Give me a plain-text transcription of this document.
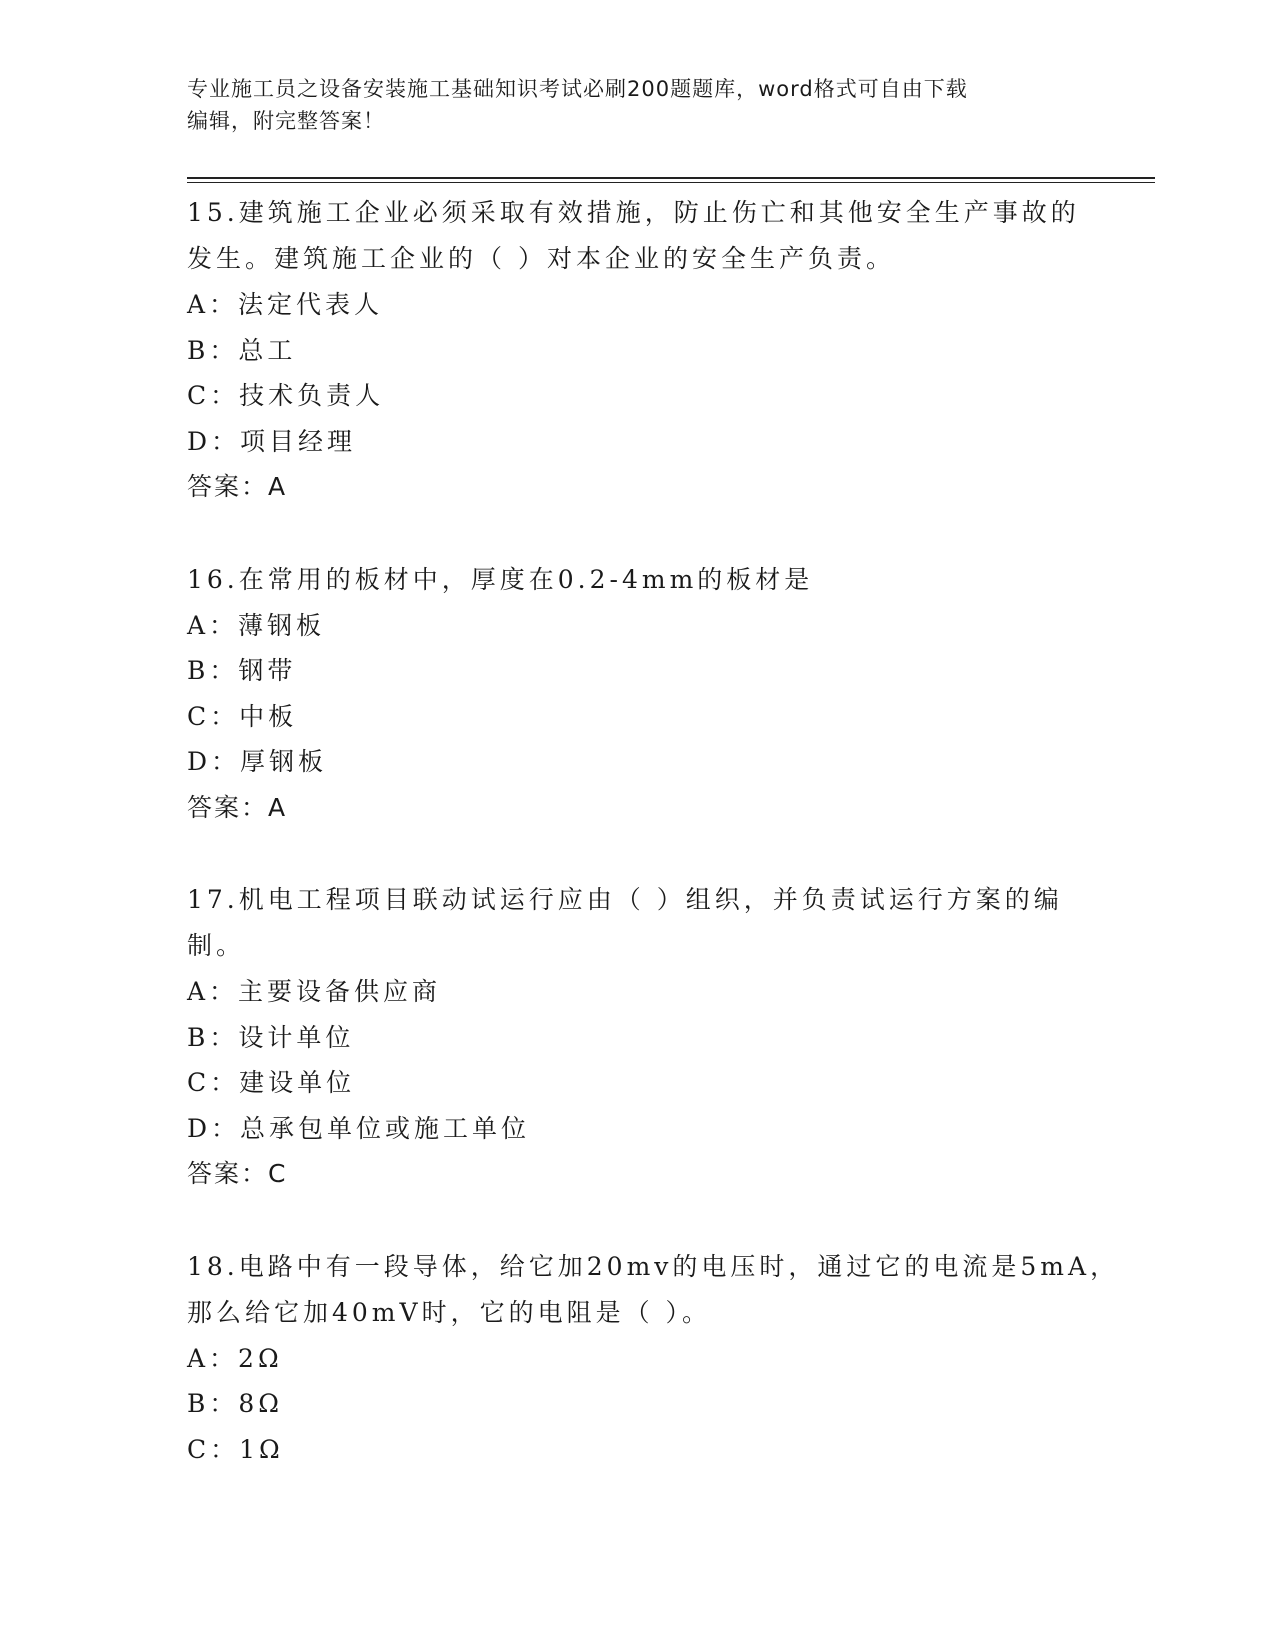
专业施工员之设备安装施工基础知识考试必刷200题题库，word格式可自由下载
编辑，附完整答案！
15.建筑施工企业必须采取有效措施，防止伤亡和其他安全生产事故的
发生。建筑施工企业的（ ）对本企业的安全生产负责。
A：法定代表人
B：总工
C：技术负责人
D：项目经理
答案：A
16.在常用的板材中，厚度在0.2-4mm的板材是
A：薄钢板
B：钢带
C：中板
D：厚钢板
答案：A
17.机电工程项目联动试运行应由（ ）组织，并负责试运行方案的编
制。
A：主要设备供应商
B：设计单位
C：建设单位
D：总承包单位或施工单位
答案：C
18.电路中有一段导体，给它加20mv的电压时，通过它的电流是5mA，
那么给它加40mV时，它的电阻是（ ）。
A：2Ω
B：8Ω
C：1Ω
